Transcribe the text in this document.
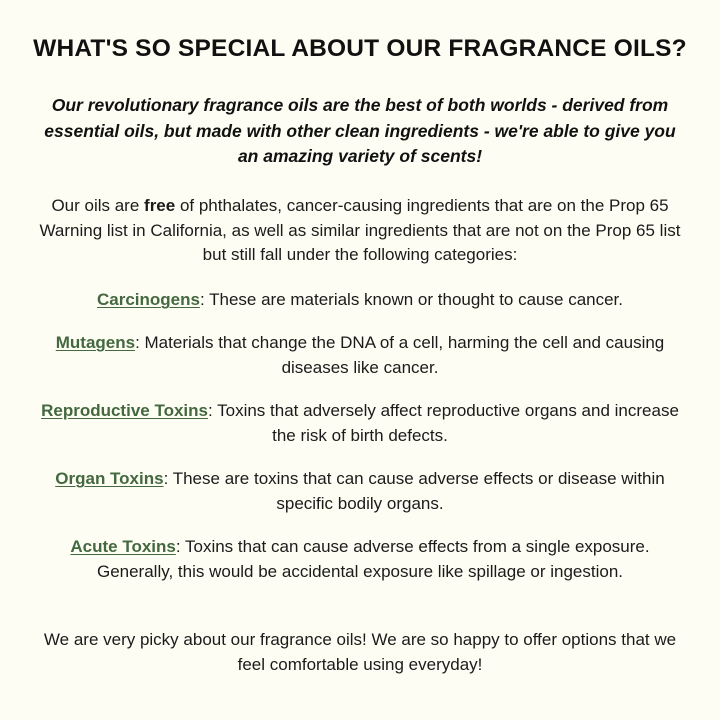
WHAT'S SO SPECIAL ABOUT OUR FRAGRANCE OILS?

Our revolutionary fragrance oils are the best of both worlds - derived from essential oils, but made with other clean ingredients - we're able to give you an amazing variety of scents!

Our oils are free of phthalates, cancer-causing ingredients that are on the Prop 65 Warning list in California, as well as similar ingredients that are not on the Prop 65 list but still fall under the following categories:

Carcinogens: These are materials known or thought to cause cancer.

Mutagens: Materials that change the DNA of a cell, harming the cell and causing diseases like cancer.

Reproductive Toxins: Toxins that adversely affect reproductive organs and increase the risk of birth defects.

Organ Toxins: These are toxins that can cause adverse effects or disease within specific bodily organs.

Acute Toxins: Toxins that can cause adverse effects from a single exposure. Generally, this would be accidental exposure like spillage or ingestion.

We are very picky about our fragrance oils! We are so happy to offer options that we feel comfortable using everyday!
